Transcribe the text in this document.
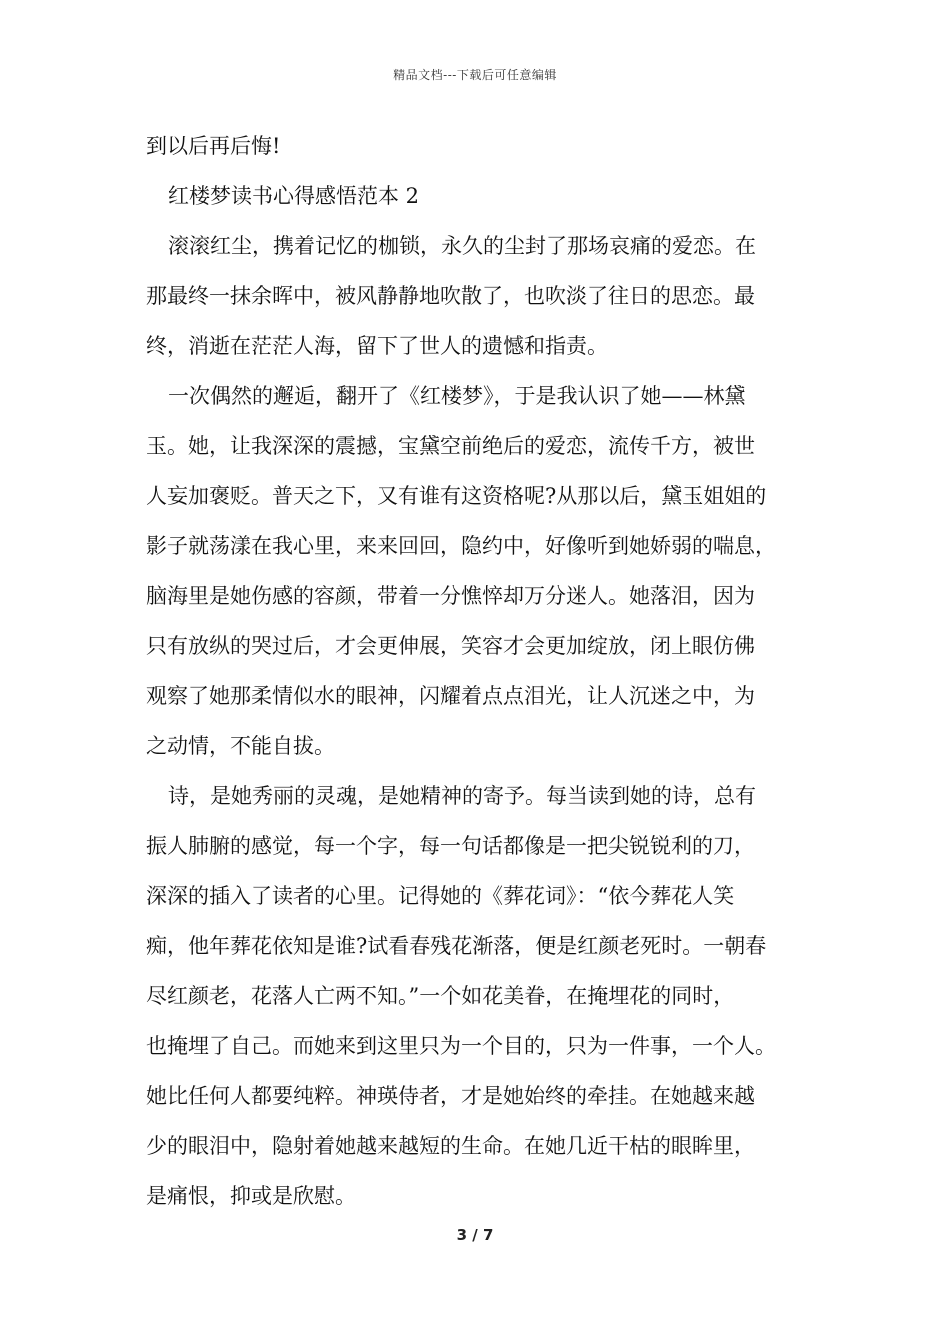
精品文档---下载后可任意编辑
到以后再后悔!
红楼梦读书心得感悟范本 2
滚滚红尘，携着记忆的枷锁，永久的尘封了那场哀痛的爱恋。在
那最终一抹余晖中，被风静静地吹散了，也吹淡了往日的思恋。最
终，消逝在茫茫人海，留下了世人的遗憾和指责。
一次偶然的邂逅，翻开了《红楼梦》，于是我认识了她——林黛
玉。她，让我深深的震撼，宝黛空前绝后的爱恋，流传千方，被世
人妄加褒贬。普天之下，又有谁有这资格呢?从那以后，黛玉姐姐的
影子就荡漾在我心里，来来回回，隐约中，好像听到她娇弱的喘息，
脑海里是她伤感的容颜，带着一分憔悴却万分迷人。她落泪，因为
只有放纵的哭过后，才会更伸展，笑容才会更加绽放，闭上眼仿佛
观察了她那柔情似水的眼神，闪耀着点点泪光，让人沉迷之中，为
之动情，不能自拔。
诗，是她秀丽的灵魂，是她精神的寄予。每当读到她的诗，总有
振人肺腑的感觉，每一个字，每一句话都像是一把尖锐锐利的刀，
深深的插入了读者的心里。记得她的《葬花词》：“依今葬花人笑
痴，他年葬花依知是谁?试看春残花渐落，便是红颜老死时。一朝春
尽红颜老，花落人亡两不知。”一个如花美眷，在掩埋花的同时，
也掩埋了自己。而她来到这里只为一个目的，只为一件事，一个人。
她比任何人都要纯粹。神瑛侍者，才是她始终的牵挂。在她越来越
少的眼泪中，隐射着她越来越短的生命。在她几近干枯的眼眸里，
是痛恨，抑或是欣慰。
3 / 7
